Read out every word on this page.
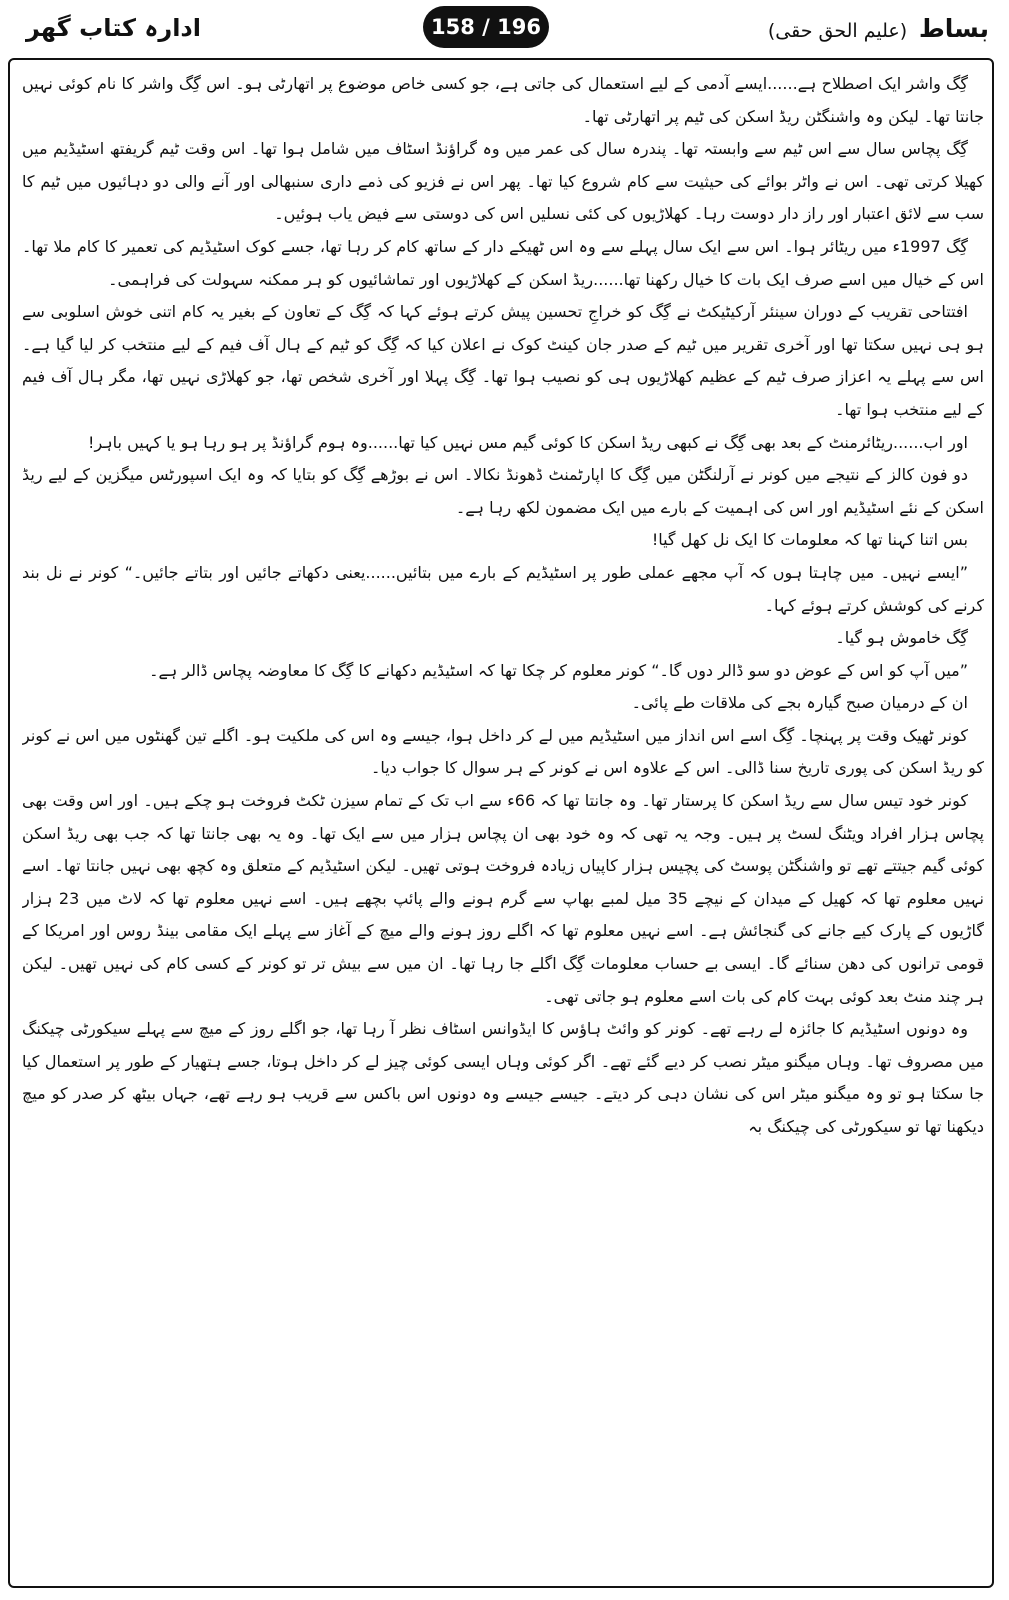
ادارہ کتاب گھر	158 / 196	بساط (علیم الحق حقی)

گِگ واشر ایک اصطلاح ہے......ایسے آدمی کے لیے استعمال کی جاتی ہے، جو کسی خاص موضوع پر اتھارٹی ہو۔ اس گِگ واشر کا نام کوئی نہیں جانتا تھا۔ لیکن وہ واشنگٹن ریڈ اسکن کی ٹیم پر اتھارٹی تھا۔

گِگ پچاس سال سے اس ٹیم سے وابستہ تھا۔ پندرہ سال کی عمر میں وہ گراؤنڈ اسٹاف میں شامل ہوا تھا۔ اس وقت ٹیم گریفتھ اسٹیڈیم میں کھیلا کرتی تھی۔ اس نے واٹر بوائے کی حیثیت سے کام شروع کیا تھا۔ پھر اس نے فزیو کی ذمے داری سنبھالی اور آنے والی دو دہائیوں میں ٹیم کا سب سے لائق اعتبار اور راز دار دوست رہا۔ کھلاڑیوں کی کئی نسلیں اس کی دوستی سے فیض یاب ہوئیں۔

گِگ 1997ء میں ریٹائر ہوا۔ اس سے ایک سال پہلے سے وہ اس ٹھیکے دار کے ساتھ کام کر رہا تھا، جسے کوک اسٹیڈیم کی تعمیر کا کام ملا تھا۔ اس کے خیال میں اسے صرف ایک بات کا خیال رکھنا تھا......ریڈ اسکن کے کھلاڑیوں اور تماشائیوں کو ہر ممکنہ سہولت کی فراہمی۔

افتتاحی تقریب کے دوران سینئر آرکیٹیکٹ نے گِگ کو خراجِ تحسین پیش کرتے ہوئے کہا کہ گِگ کے تعاون کے بغیر یہ کام اتنی خوش اسلوبی سے ہو ہی نہیں سکتا تھا اور آخری تقریر میں ٹیم کے صدر جان کینٹ کوک نے اعلان کیا کہ گِگ کو ٹیم کے ہال آف فیم کے لیے منتخب کر لیا گیا ہے۔ اس سے پہلے یہ اعزاز صرف ٹیم کے عظیم کھلاڑیوں ہی کو نصیب ہوا تھا۔ گِگ پہلا اور آخری شخص تھا، جو کھلاڑی نہیں تھا، مگر ہال آف فیم کے لیے منتخب ہوا تھا۔

اور اب......ریٹائرمنٹ کے بعد بھی گِگ نے کبھی ریڈ اسکن کا کوئی گیم مس نہیں کیا تھا......وہ ہوم گراؤنڈ پر ہو رہا ہو یا کہیں باہر!

دو فون کالز کے نتیجے میں کونر نے آرلنگٹن میں گِگ کا اپارٹمنٹ ڈھونڈ نکالا۔ اس نے بوڑھے گِگ کو بتایا کہ وہ ایک اسپورٹس میگزین کے لیے ریڈ اسکن کے نئے اسٹیڈیم اور اس کی اہمیت کے بارے میں ایک مضمون لکھ رہا ہے۔

بس اتنا کہنا تھا کہ معلومات کا ایک نل کھل گیا!

”ایسے نہیں۔ میں چاہتا ہوں کہ آپ مجھے عملی طور پر اسٹیڈیم کے بارے میں بتائیں......یعنی دکھاتے جائیں اور بتاتے جائیں۔“ کونر نے نل بند کرنے کی کوشش کرتے ہوئے کہا۔

گِگ خاموش ہو گیا۔

”میں آپ کو اس کے عوض دو سو ڈالر دوں گا۔“ کونر معلوم کر چکا تھا کہ اسٹیڈیم دکھانے کا گِگ کا معاوضہ پچاس ڈالر ہے۔

ان کے درمیان صبح گیارہ بجے کی ملاقات طے پائی۔

کونر ٹھیک وقت پر پہنچا۔ گِگ اسے اس انداز میں اسٹیڈیم میں لے کر داخل ہوا، جیسے وہ اس کی ملکیت ہو۔ اگلے تین گھنٹوں میں اس نے کونر کو ریڈ اسکن کی پوری تاریخ سنا ڈالی۔ اس کے علاوہ اس نے کونر کے ہر سوال کا جواب دیا۔

کونر خود تیس سال سے ریڈ اسکن کا پرستار تھا۔ وہ جانتا تھا کہ 66ء سے اب تک کے تمام سیزن ٹکٹ فروخت ہو چکے ہیں۔ اور اس وقت بھی پچاس ہزار افراد ویٹنگ لسٹ پر ہیں۔ وجہ یہ تھی کہ وہ خود بھی ان پچاس ہزار میں سے ایک تھا۔ وہ یہ بھی جانتا تھا کہ جب بھی ریڈ اسکن کوئی گیم جیتتے تھے تو واشنگٹن پوسٹ کی پچیس ہزار کاپیاں زیادہ فروخت ہوتی تھیں۔ لیکن اسٹیڈیم کے متعلق وہ کچھ بھی نہیں جانتا تھا۔ اسے نہیں معلوم تھا کہ کھیل کے میدان کے نیچے 35 میل لمبے بھاپ سے گرم ہونے والے پائپ بچھے ہیں۔ اسے نہیں معلوم تھا کہ لاٹ میں 23 ہزار گاڑیوں کے پارک کیے جانے کی گنجائش ہے۔ اسے نہیں معلوم تھا کہ اگلے روز ہونے والے میچ کے آغاز سے پہلے ایک مقامی بینڈ روس اور امریکا کے قومی ترانوں کی دھن سنائے گا۔ ایسی بے حساب معلومات گِگ اگلے جا رہا تھا۔ ان میں سے بیش تر تو کونر کے کسی کام کی نہیں تھیں۔ لیکن ہر چند منٹ بعد کوئی بہت کام کی بات اسے معلوم ہو جاتی تھی۔

وہ دونوں اسٹیڈیم کا جائزہ لے رہے تھے۔ کونر کو وائٹ ہاؤس کا ایڈوانس اسٹاف نظر آ رہا تھا، جو اگلے روز کے میچ سے پہلے سیکورٹی چیکنگ میں مصروف تھا۔ وہاں میگنو میٹر نصب کر دیے گئے تھے۔ اگر کوئی وہاں ایسی کوئی چیز لے کر داخل ہوتا، جسے ہتھیار کے طور پر استعمال کیا جا سکتا ہو تو وہ میگنو میٹر اس کی نشان دہی کر دیتے۔ جیسے جیسے وہ دونوں اس باکس سے قریب ہو رہے تھے، جہاں بیٹھ کر صدر کو میچ دیکھنا تھا تو سیکورٹی کی چیکنگ بہ
